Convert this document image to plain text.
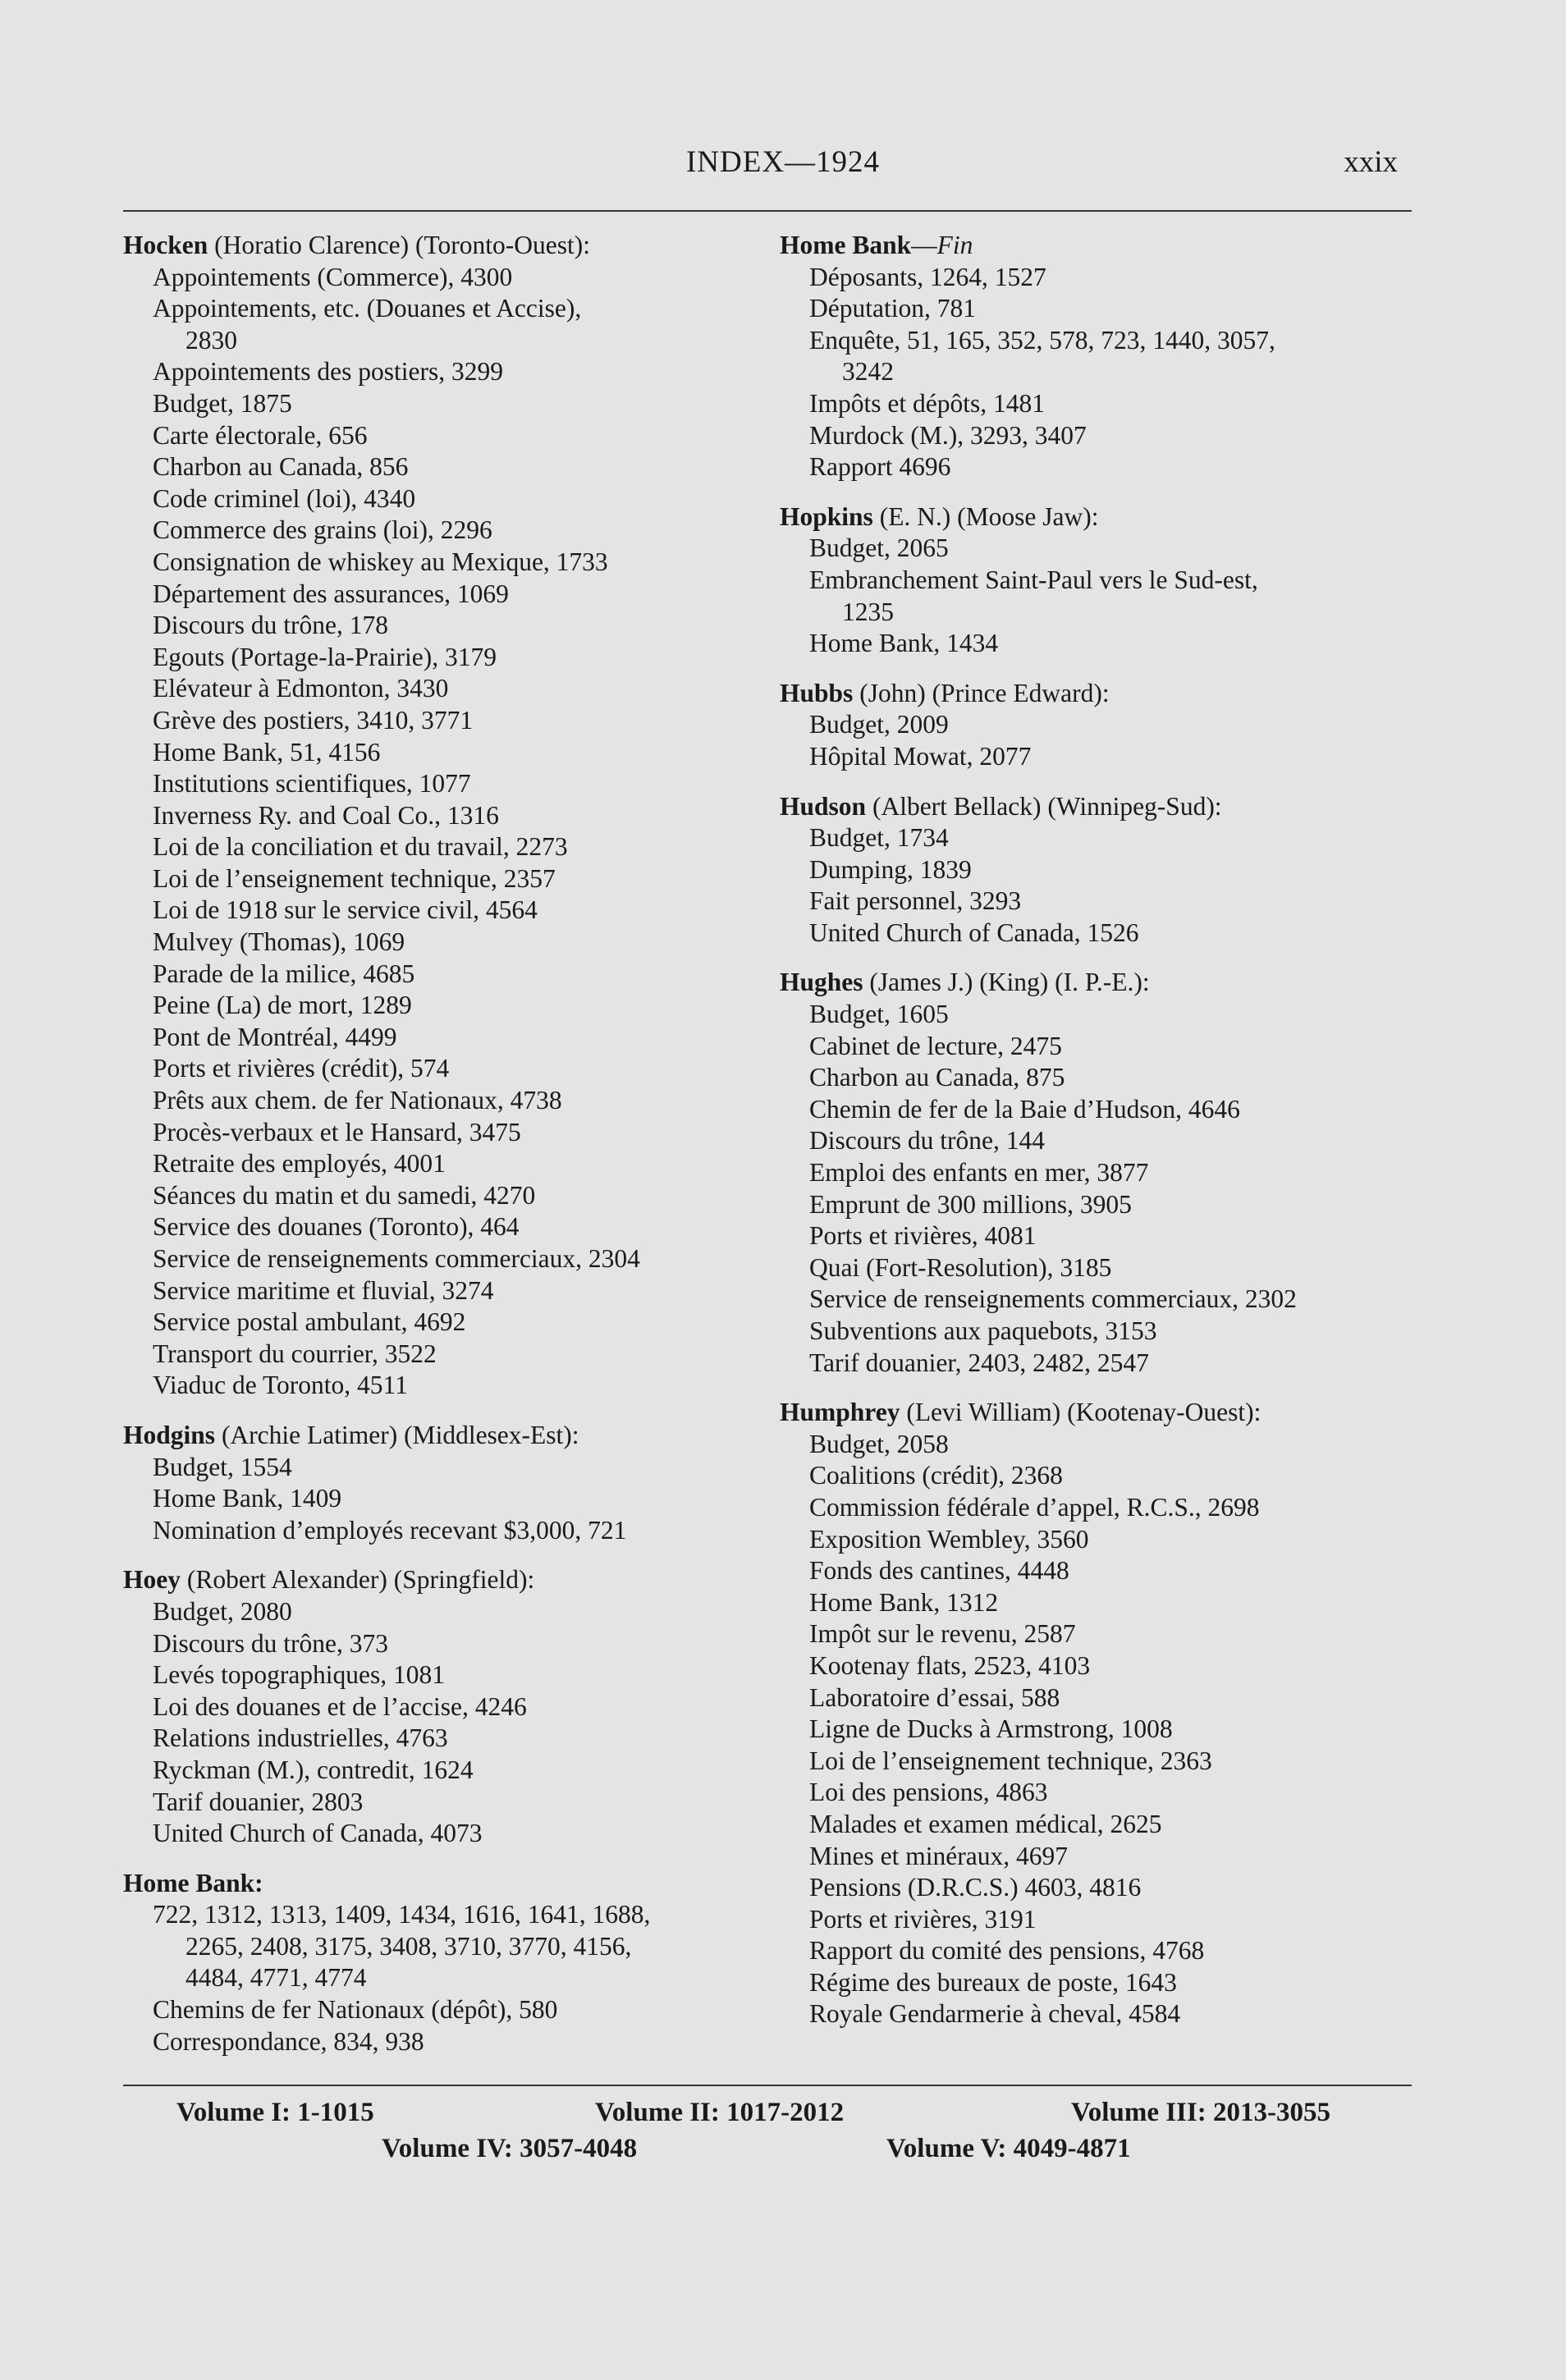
INDEX—1924	xxix
Hocken (Horatio Clarence) (Toronto-Ouest):
Appointements (Commerce), 4300
Appointements, etc. (Douanes et Accise),
2830
Appointements des postiers, 3299
Budget, 1875
Carte électorale, 656
Charbon au Canada, 856
Code criminel (loi), 4340
Commerce des grains (loi), 2296
Consignation de whiskey au Mexique, 1733
Département des assurances, 1069
Discours du trône, 178
Egouts (Portage-la-Prairie), 3179
Elévateur à Edmonton, 3430
Grève des postiers, 3410, 3771
Home Bank, 51, 4156
Institutions scientifiques, 1077
Inverness Ry. and Coal Co., 1316
Loi de la conciliation et du travail, 2273
Loi de l’enseignement technique, 2357
Loi de 1918 sur le service civil, 4564
Mulvey (Thomas), 1069
Parade de la milice, 4685
Peine (La) de mort, 1289
Pont de Montréal, 4499
Ports et rivières (crédit), 574
Prêts aux chem. de fer Nationaux, 4738
Procès-verbaux et le Hansard, 3475
Retraite des employés, 4001
Séances du matin et du samedi, 4270
Service des douanes (Toronto), 464
Service de renseignements commerciaux, 2304
Service maritime et fluvial, 3274
Service postal ambulant, 4692
Transport du courrier, 3522
Viaduc de Toronto, 4511
Hodgins (Archie Latimer) (Middlesex-Est):
Budget, 1554
Home Bank, 1409
Nomination d’employés recevant $3,000, 721
Hoey (Robert Alexander) (Springfield):
Budget, 2080
Discours du trône, 373
Levés topographiques, 1081
Loi des douanes et de l’accise, 4246
Relations industrielles, 4763
Ryckman (M.), contredit, 1624
Tarif douanier, 2803
United Church of Canada, 4073
Home Bank:
722, 1312, 1313, 1409, 1434, 1616, 1641, 1688,
2265, 2408, 3175, 3408, 3710, 3770, 4156,
4484, 4771, 4774
Chemins de fer Nationaux (dépôt), 580
Correspondance, 834, 938
Home Bank—Fin
Déposants, 1264, 1527
Députation, 781
Enquête, 51, 165, 352, 578, 723, 1440, 3057,
3242
Impôts et dépôts, 1481
Murdock (M.), 3293, 3407
Rapport 4696
Hopkins (E. N.) (Moose Jaw):
Budget, 2065
Embranchement Saint-Paul vers le Sud-est,
1235
Home Bank, 1434
Hubbs (John) (Prince Edward):
Budget, 2009
Hôpital Mowat, 2077
Hudson (Albert Bellack) (Winnipeg-Sud):
Budget, 1734
Dumping, 1839
Fait personnel, 3293
United Church of Canada, 1526
Hughes (James J.) (King) (I. P.-E.):
Budget, 1605
Cabinet de lecture, 2475
Charbon au Canada, 875
Chemin de fer de la Baie d’Hudson, 4646
Discours du trône, 144
Emploi des enfants en mer, 3877
Emprunt de 300 millions, 3905
Ports et rivières, 4081
Quai (Fort-Resolution), 3185
Service de renseignements commerciaux, 2302
Subventions aux paquebots, 3153
Tarif douanier, 2403, 2482, 2547
Humphrey (Levi William) (Kootenay-Ouest):
Budget, 2058
Coalitions (crédit), 2368
Commission fédérale d’appel, R.C.S., 2698
Exposition Wembley, 3560
Fonds des cantines, 4448
Home Bank, 1312
Impôt sur le revenu, 2587
Kootenay flats, 2523, 4103
Laboratoire d’essai, 588
Ligne de Ducks à Armstrong, 1008
Loi de l’enseignement technique, 2363
Loi des pensions, 4863
Malades et examen médical, 2625
Mines et minéraux, 4697
Pensions (D.R.C.S.) 4603, 4816
Ports et rivières, 3191
Rapport du comité des pensions, 4768
Régime des bureaux de poste, 1643
Royale Gendarmerie à cheval, 4584
Volume I: 1-1015	Volume II: 1017-2012	Volume III: 2013-3055
Volume IV: 3057-4048	Volume V: 4049-4871
